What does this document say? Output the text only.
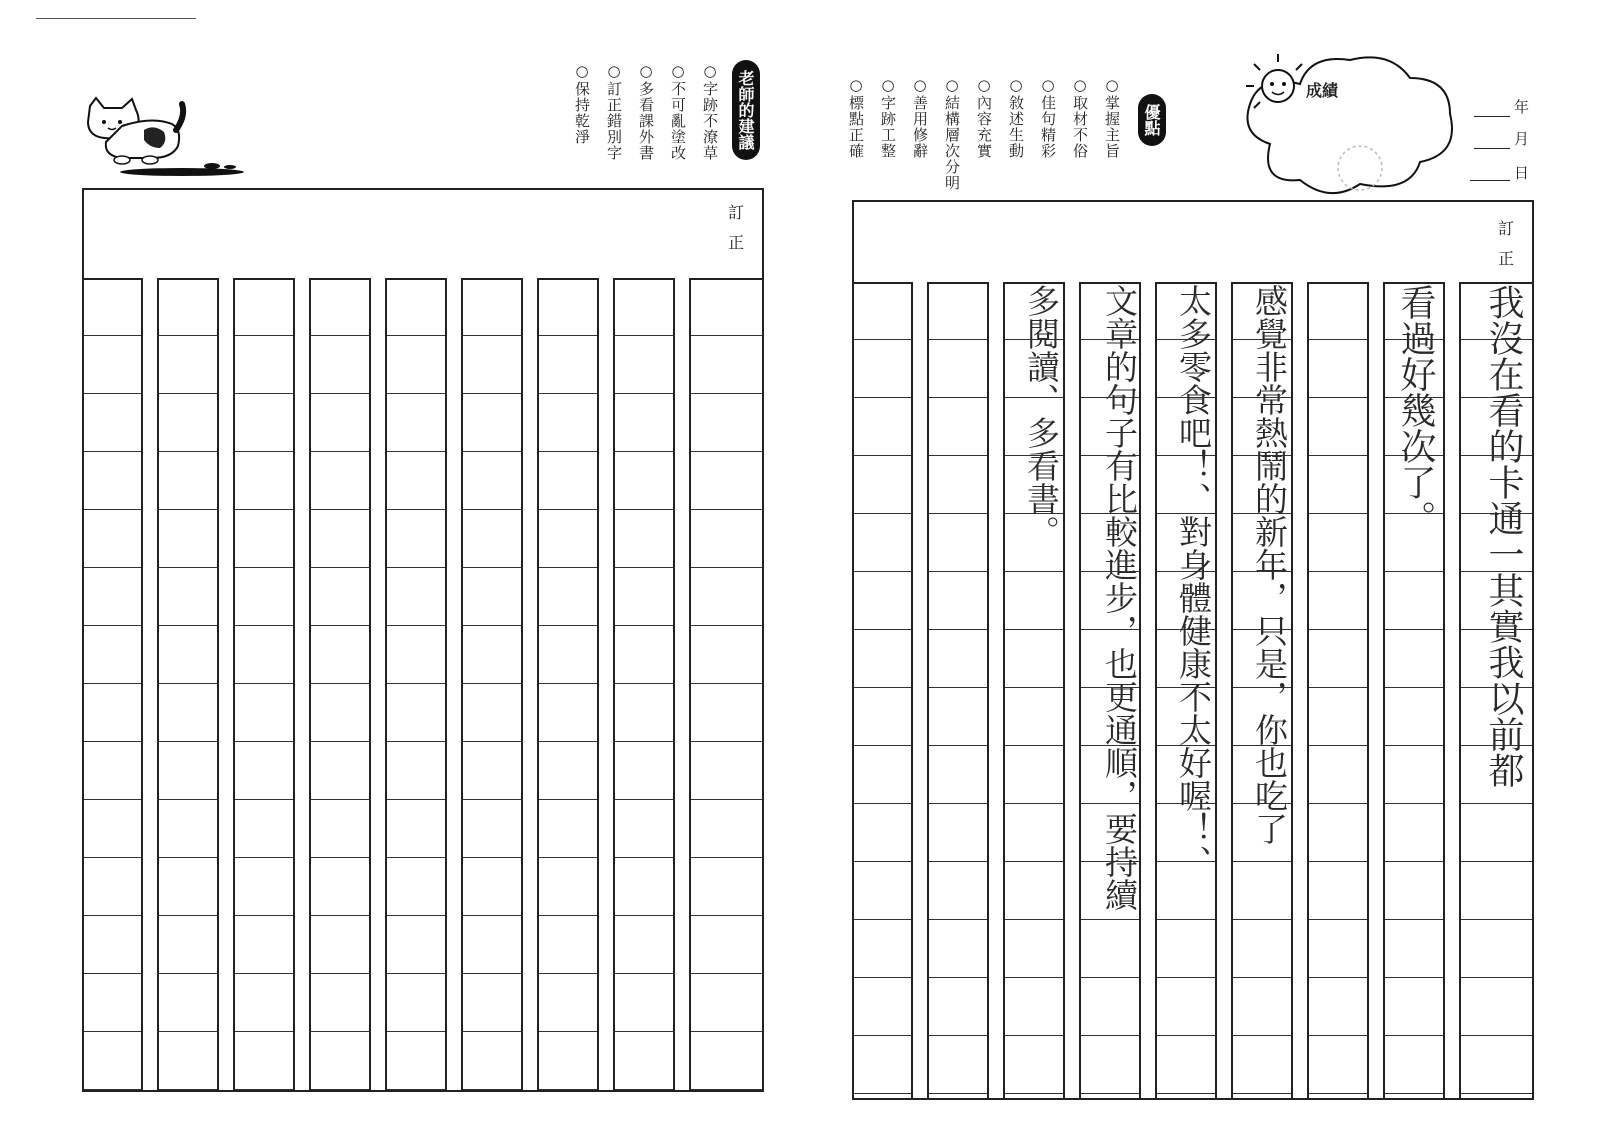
老師的建議
○字跡不潦草
○不可亂塗改
○多看課外書
○訂正錯別字
○保持乾淨
訂
正
優點
○掌握主旨
○取材不俗
○佳句精彩
○敘述生動
○內容充實
○結構層次分明
○善用修辭
○字跡工整
○標點正確	成績
年
月
日
訂
正
我沒在看的卡通一其實我以前都
看過好幾次了。
感覺非常熱鬧的新年，只是，你也吃了
太多零食吧！、對身體健康不太好喔！、
文章的句子有比較進步，也更通順，要持續
多閱讀、多看書。
